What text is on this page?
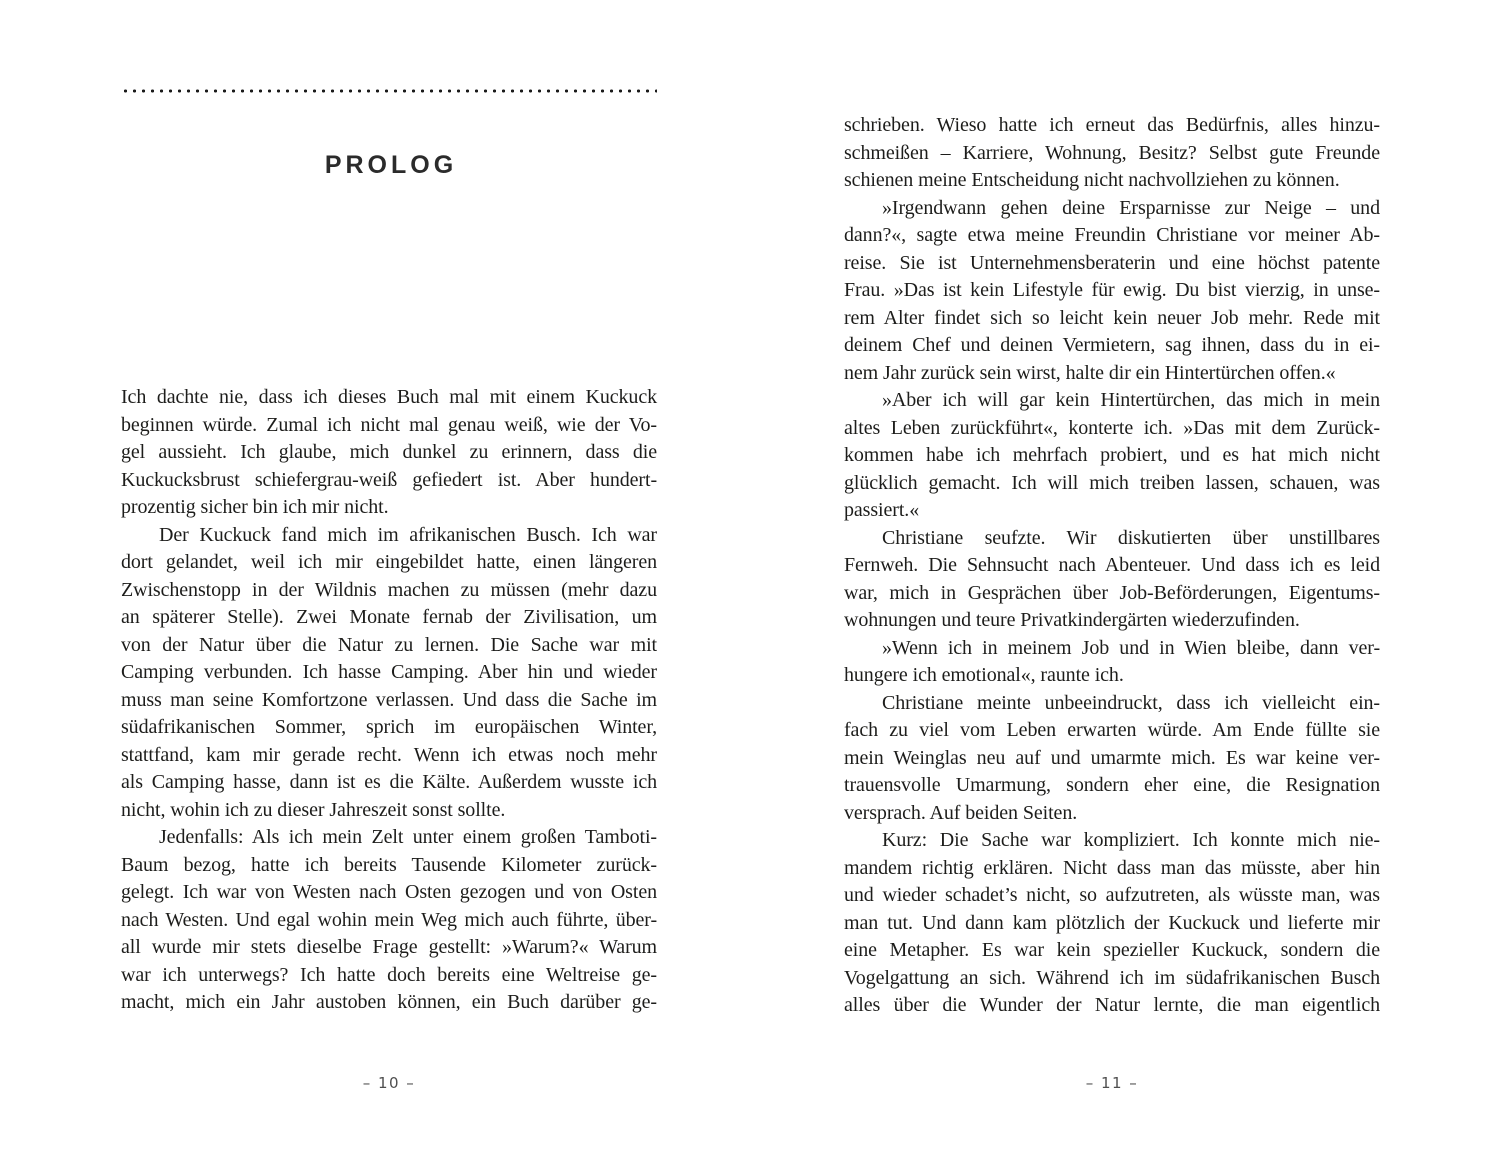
PROLOG
Ich dachte nie, dass ich dieses Buch mal mit einem Kuckuck
beginnen würde. Zumal ich nicht mal genau weiß, wie der Vo-
gel aussieht. Ich glaube, mich dunkel zu erinnern, dass die
Kuckucksbrust schiefergrau-weiß gefiedert ist. Aber hundert-
prozentig sicher bin ich mir nicht.
Der Kuckuck fand mich im afrikanischen Busch. Ich war
dort gelandet, weil ich mir eingebildet hatte, einen längeren
Zwischenstopp in der Wildnis machen zu müssen (mehr dazu
an späterer Stelle). Zwei Monate fernab der Zivilisation, um
von der Natur über die Natur zu lernen. Die Sache war mit
Camping verbunden. Ich hasse Camping. Aber hin und wieder
muss man seine Komfortzone verlassen. Und dass die Sache im
südafrikanischen Sommer, sprich im europäischen Winter,
stattfand, kam mir gerade recht. Wenn ich etwas noch mehr
als Camping hasse, dann ist es die Kälte. Außerdem wusste ich
nicht, wohin ich zu dieser Jahreszeit sonst sollte.
Jedenfalls: Als ich mein Zelt unter einem großen Tamboti-
Baum bezog, hatte ich bereits Tausende Kilometer zurück-
gelegt. Ich war von Westen nach Osten gezogen und von Osten
nach Westen. Und egal wohin mein Weg mich auch führte, über-
all wurde mir stets dieselbe Frage gestellt: »Warum?« Warum
war ich unterwegs? Ich hatte doch bereits eine Weltreise ge-
macht, mich ein Jahr austoben können, ein Buch darüber ge-
– 10 –
schrieben. Wieso hatte ich erneut das Bedürfnis, alles hinzu-
schmeißen – Karriere, Wohnung, Besitz? Selbst gute Freunde
schienen meine Entscheidung nicht nachvollziehen zu können.
»Irgendwann gehen deine Ersparnisse zur Neige – und
dann?«, sagte etwa meine Freundin Christiane vor meiner Ab-
reise. Sie ist Unternehmensberaterin und eine höchst patente
Frau. »Das ist kein Lifestyle für ewig. Du bist vierzig, in unse-
rem Alter findet sich so leicht kein neuer Job mehr. Rede mit
deinem Chef und deinen Vermietern, sag ihnen, dass du in ei-
nem Jahr zurück sein wirst, halte dir ein Hintertürchen offen.«
»Aber ich will gar kein Hintertürchen, das mich in mein
altes Leben zurückführt«, konterte ich. »Das mit dem Zurück-
kommen habe ich mehrfach probiert, und es hat mich nicht
glücklich gemacht. Ich will mich treiben lassen, schauen, was
passiert.«
Christiane seufzte. Wir diskutierten über unstillbares
Fernweh. Die Sehnsucht nach Abenteuer. Und dass ich es leid
war, mich in Gesprächen über Job-Beförderungen, Eigentums-
wohnungen und teure Privatkindergärten wiederzufinden.
»Wenn ich in meinem Job und in Wien bleibe, dann ver-
hungere ich emotional«, raunte ich.
Christiane meinte unbeeindruckt, dass ich vielleicht ein-
fach zu viel vom Leben erwarten würde. Am Ende füllte sie
mein Weinglas neu auf und umarmte mich. Es war keine ver-
trauensvolle Umarmung, sondern eher eine, die Resignation
versprach. Auf beiden Seiten.
Kurz: Die Sache war kompliziert. Ich konnte mich nie-
mandem richtig erklären. Nicht dass man das müsste, aber hin
und wieder schadet’s nicht, so aufzutreten, als wüsste man, was
man tut. Und dann kam plötzlich der Kuckuck und lieferte mir
eine Metapher. Es war kein spezieller Kuckuck, sondern die
Vogelgattung an sich. Während ich im südafrikanischen Busch
alles über die Wunder der Natur lernte, die man eigentlich
– 11 –
